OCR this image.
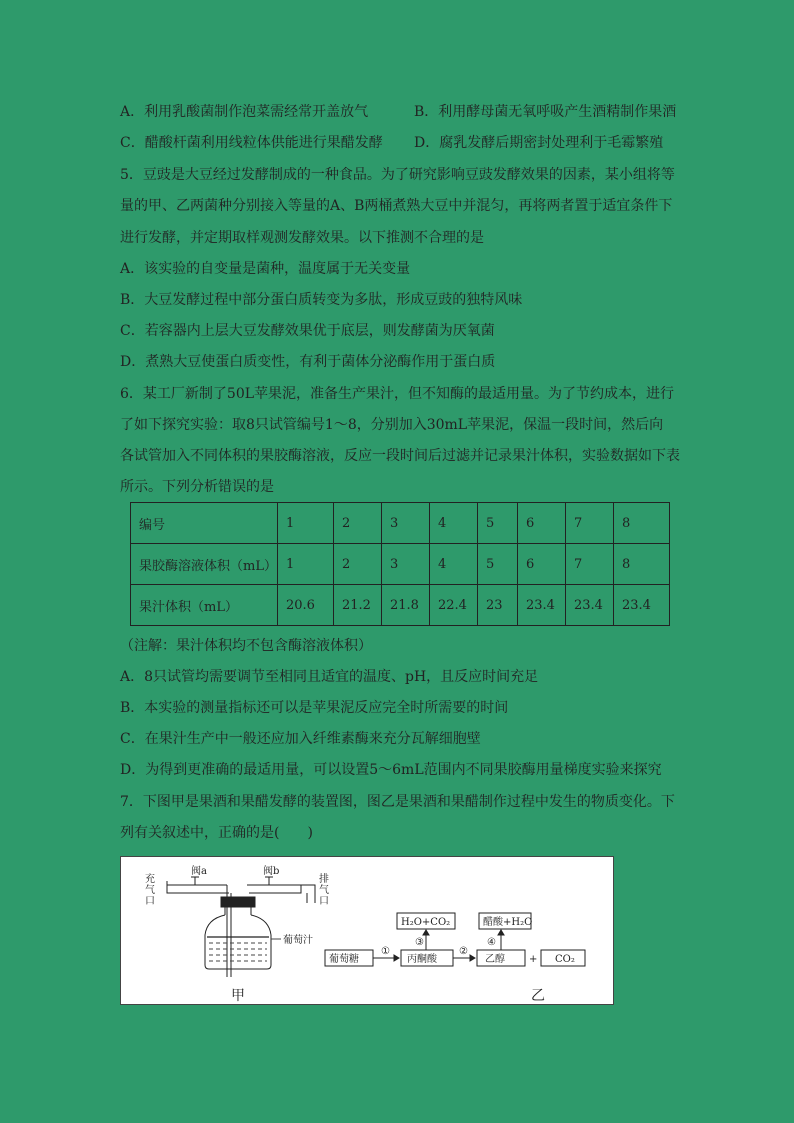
A．利用乳酸菌制作泡菜需经常开盖放气	B．利用酵母菌无氧呼吸产生酒精制作果酒
C．醋酸杆菌利用线粒体供能进行果醋发酵	D．腐乳发酵后期密封处理利于毛霉繁殖
5．豆豉是大豆经过发酵制成的一种食品。为了研究影响豆豉发酵效果的因素，某小组将等
量的甲、乙两菌种分别接入等量的A、B两桶煮熟大豆中并混匀，再将两者置于适宜条件下
进行发酵，并定期取样观测发酵效果。以下推测不合理的是
A．该实验的自变量是菌种，温度属于无关变量
B．大豆发酵过程中部分蛋白质转变为多肽，形成豆豉的独特风味
C．若容器内上层大豆发酵效果优于底层，则发酵菌为厌氧菌
D．煮熟大豆使蛋白质变性，有利于菌体分泌酶作用于蛋白质
6．某工厂新制了50L苹果泥，准备生产果汁，但不知酶的最适用量。为了节约成本，进行
了如下探究实验：取8只试管编号1～8，分别加入30mL苹果泥，保温一段时间，然后向
各试管加入不同体积的果胶酶溶液，反应一段时间后过滤并记录果汁体积，实验数据如下表
所示。下列分析错误的是
编号	1	2	3	4	5	6	7	8
果胶酶溶液体积（mL）	1	2	3	4	5	6	7	8
果汁体积（mL）	20.6	21.2	21.8	22.4	23	23.4	23.4	23.4
（注解：果汁体积均不包含酶溶液体积）
A．8只试管均需要调节至相同且适宜的温度、pH，且反应时间充足
B．本实验的测量指标还可以是苹果泥反应完全时所需要的时间
C．在果汁生产中一般还应加入纤维素酶来充分瓦解细胞壁
D．为得到更准确的最适用量，可以设置5～6mL范围内不同果胶酶用量梯度实验来探究
7．下图甲是果酒和果醋发酵的装置图，图乙是果酒和果醋制作过程中发生的物质变化。下
列有关叙述中，正确的是(　　)
充
气
口
排
气
口
阀a	阀b
葡萄汁
葡萄糖	丙酮酸	乙醇	CO₂
+
H₂O+CO₂	醋酸+H₂O
①	②
③	④
甲	乙
